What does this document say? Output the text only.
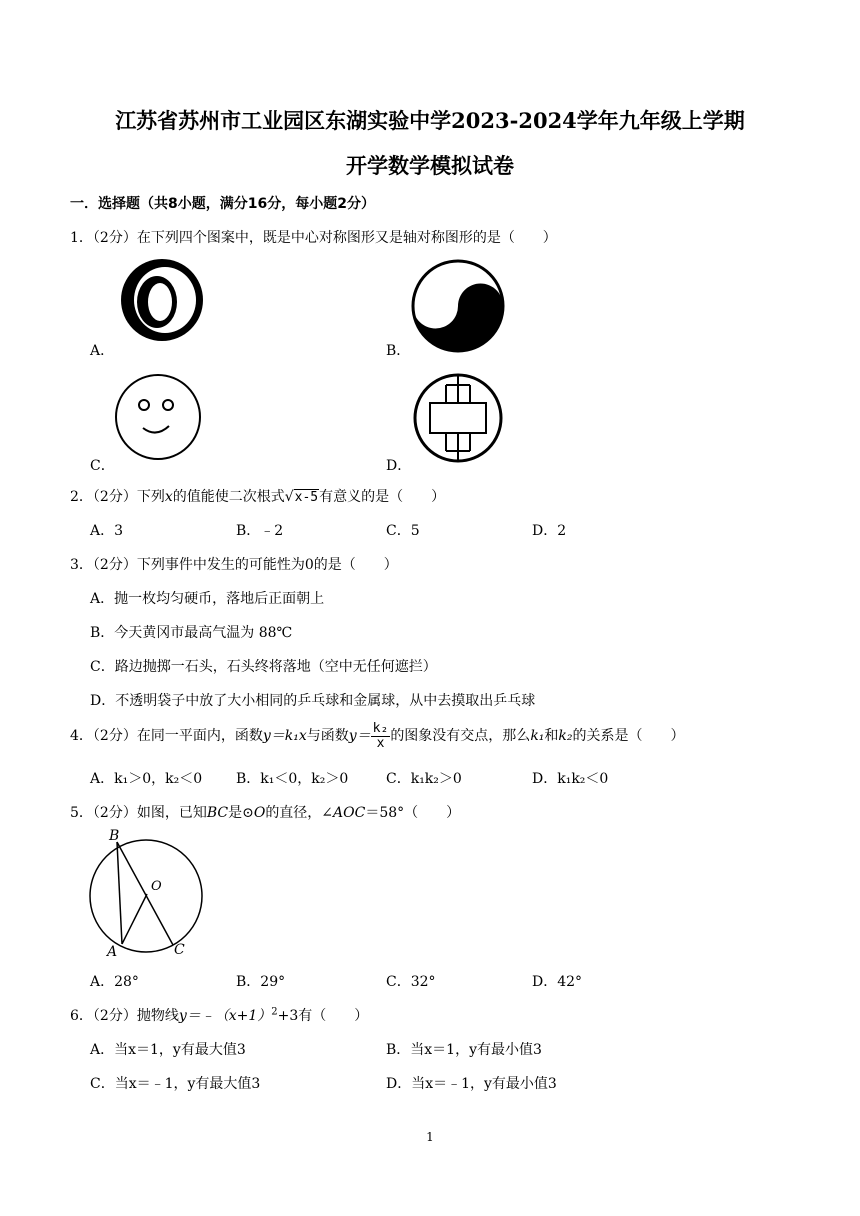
江苏省苏州市工业园区东湖实验中学2023-2024学年九年级上学期
开学数学模拟试卷
一．选择题（共8小题，满分16分，每小题2分）
1．（2分）在下列四个图案中，既是中心对称图形又是轴对称图形的是（　　）
A．	B．
C．	D．
2．（2分）下列x的值能使二次根式√x-5有意义的是（　　）
A．3	B．﹣2	C．5	D．2
3．（2分）下列事件中发生的可能性为0的是（　　）
A．抛一枚均匀硬币，落地后正面朝上
B．今天黄冈市最高气温为 88℃
C．路边抛掷一石头，石头终将落地（空中无任何遮拦）
D．不透明袋子中放了大小相同的乒乓球和金属球，从中去摸取出乒乓球
4．（2分）在同一平面内，函数y＝k₁x与函数$y= \frac{\text{k₂}}{x}$ 的图象没有交点，那么k₁和k₂的关系是（　　）
A．k₁＞0，k₂＜0 B．k₁＜0，k₂＞0	C．k₁k₂＞0	D．k₁k₂＜0
5．（2分）如图，已知BC是⊙O的直径，∠AOC＝58°（　　）
B
O
A	C
A．28°	B．29°	C．32°	D．42°
6．（2分）抛物线$y=﹣(x+1)^2+3$有（　　）
A．当x＝1，y有最大值3	B．当x＝1，y有最小值3
C．当x＝﹣1，y有最大值3	D．当x＝﹣1，y有最小值3
1
